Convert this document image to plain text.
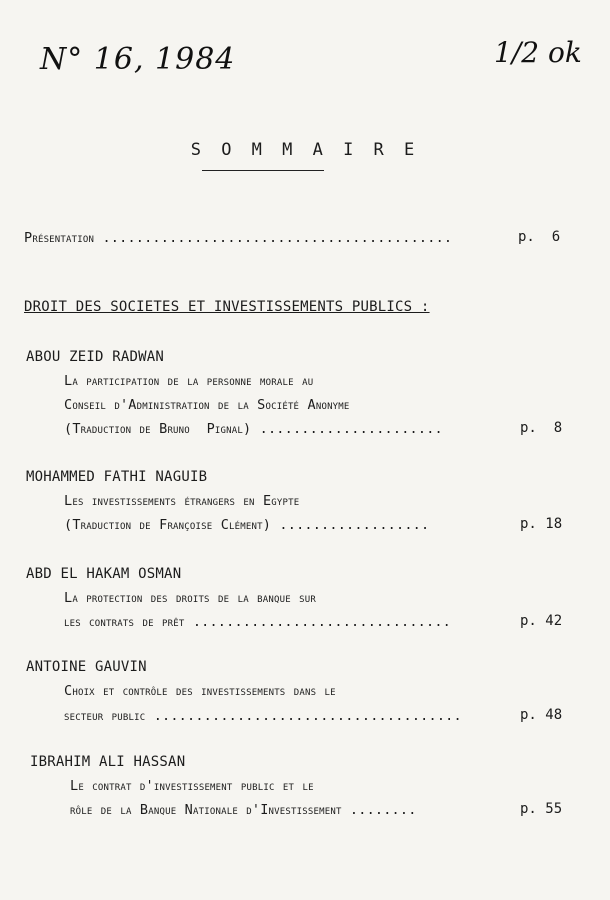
N° 16, 1984	1/2 ok
S O M M A I R E
Présentation ..........................................	p.  6
DROIT DES SOCIETES ET INVESTISSEMENTS PUBLICS :
ABOU ZEID RADWAN
La participation de la personne morale au
Conseil d'Administration de la Société Anonyme
(Traduction de Bruno  Pignal) ......................	p.  8
MOHAMMED FATHI NAGUIB
Les investissements étrangers en Egypte
(Traduction de Françoise Clément) ..................	p. 18
ABD EL HAKAM OSMAN
La protection des droits de la banque sur
les contrats de prêt ...............................	p. 42
ANTOINE GAUVIN
Choix et contrôle des investissements dans le
secteur public .....................................	p. 48
IBRAHIM ALI HASSAN
Le contrat d'investissement public et le
rôle de la Banque Nationale d'Investissement ........	p. 55
